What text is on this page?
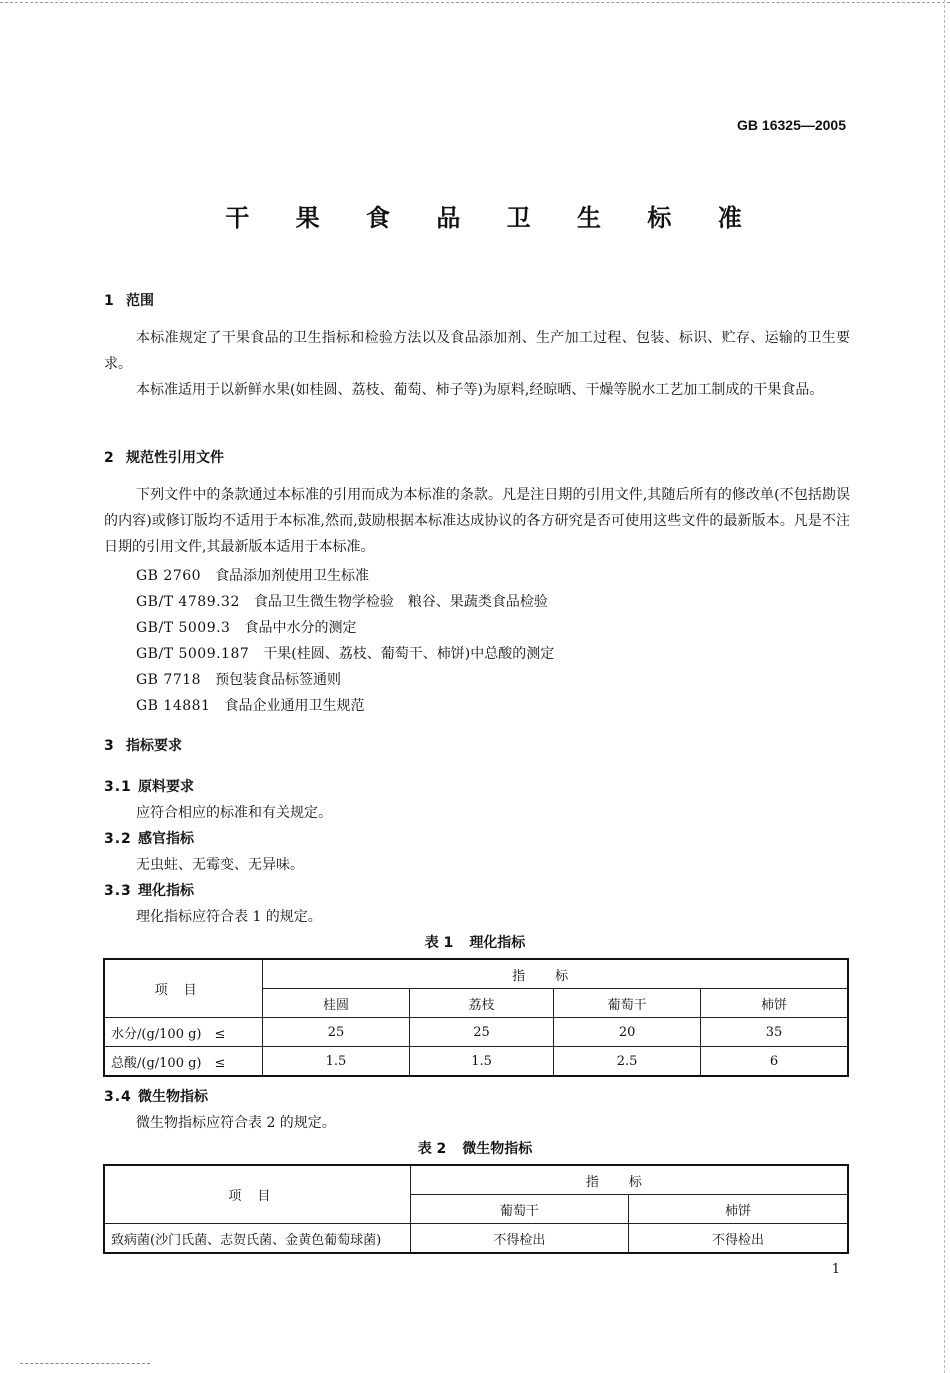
GB 16325—2005
干 果 食 品 卫 生 标 准
1 范围
本标准规定了干果食品的卫生指标和检验方法以及食品添加剂、生产加工过程、包装、标识、贮存、运输的卫生要求。
本标准适用于以新鲜水果(如桂圆、荔枝、葡萄、柿子等)为原料,经晾晒、干燥等脱水工艺加工制成的干果食品。
2 规范性引用文件
下列文件中的条款通过本标准的引用而成为本标准的条款。凡是注日期的引用文件,其随后所有的修改单(不包括勘误的内容)或修订版均不适用于本标准,然而,鼓励根据本标准达成协议的各方研究是否可使用这些文件的最新版本。凡是不注日期的引用文件,其最新版本适用于本标准。
GB 2760 食品添加剂使用卫生标准
GB/T 4789.32 食品卫生微生物学检验　粮谷、果蔬类食品检验
GB/T 5009.3 食品中水分的测定
GB/T 5009.187 干果(桂圆、荔枝、葡萄干、柿饼)中总酸的测定
GB 7718 预包装食品标签通则
GB 14881 食品企业通用卫生规范
3 指标要求
3.1 原料要求
应符合相应的标准和有关规定。
3.2 感官指标
无虫蛀、无霉变、无异味。
3.3 理化指标
理化指标应符合表 1 的规定。
表 1 理化指标
项目	指标			
	桂圆	荔枝	葡萄干	柿饼
水分/(g/100 g)　≤	25	25	20	35
总酸/(g/100 g)　≤	1.5	1.5	2.5	6
3.4 微生物指标
微生物指标应符合表 2 的规定。
表 2 微生物指标
项目	指标	
	葡萄干	柿饼
致病菌(沙门氏菌、志贺氏菌、金黄色葡萄球菌)	不得检出	不得检出
1
